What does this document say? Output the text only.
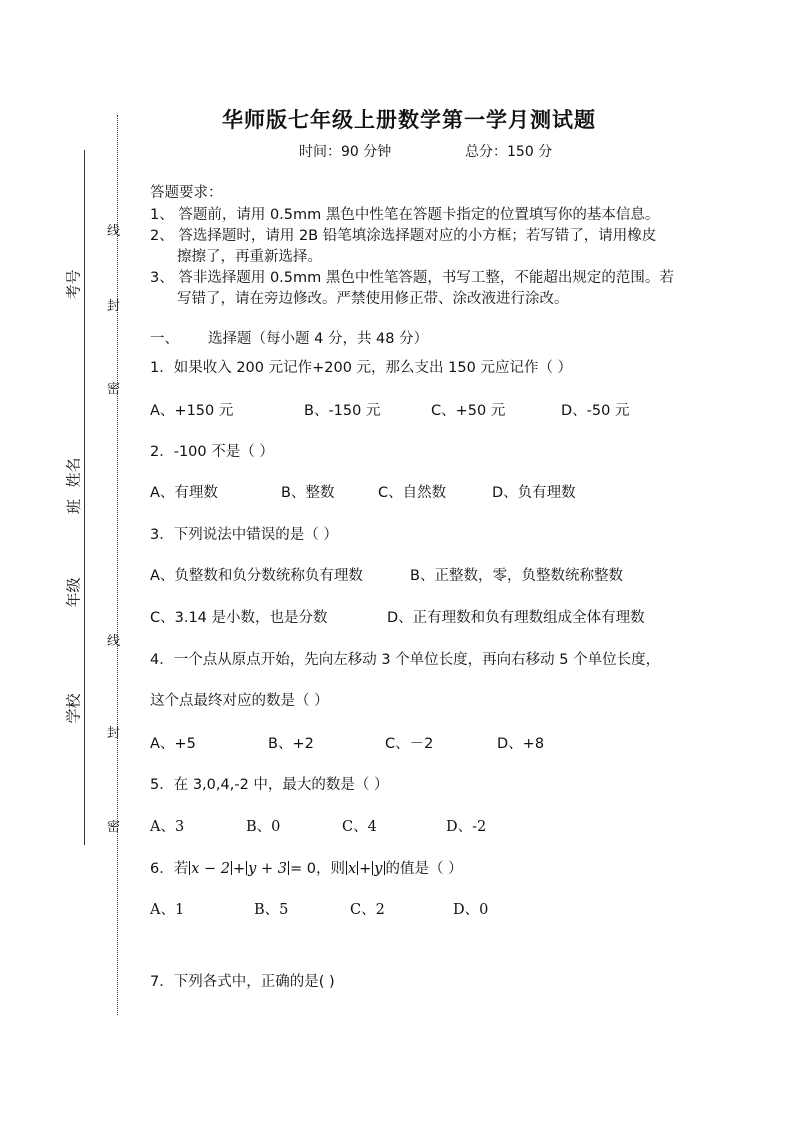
线
封
密
线
封
密
考号
姓名
班
年级
学校
华师版七年级上册数学第一学月测试题
时间：90 分钟	总分：150 分
答题要求：
1、 答题前，请用 0.5mm 黑色中性笔在答题卡指定的位置填写你的基本信息。
2、 答选择题时，请用 2B 铅笔填涂选择题对应的小方框；若写错了，请用橡皮
擦擦了，再重新选择。
3、 答非选择题用 0.5mm 黑色中性笔答题，书写工整，不能超出规定的范围。若
写错了，请在旁边修改。严禁使用修正带、涂改液进行涂改。
一、 选择题（每小题 4 分，共 48 分）
1．如果收入 200 元记作+200 元，那么支出 150 元应记作（ ）
A、+150 元	B、-150 元	C、+50 元	D、-50 元
2．-100 不是（ ）
A、有理数	B、整数	C、自然数	D、负有理数
3．下列说法中错误的是（ ）
A、负整数和负分数统称负有理数	B、正整数，零，负整数统称整数
C、3.14 是小数，也是分数	D、正有理数和负有理数组成全体有理数
4．一个点从原点开始，先向左移动 3 个单位长度，再向右移动 5 个单位长度，
这个点最终对应的数是（ ）
A、+5	B、+2	C、－2	D、+8
5．在 3,0,4,-2 中，最大的数是（ ）
A、3	B、0	C、4	D、-2
6．若 x − 2 + y + 3 = 0，则 x + y 的值是（ ）
A、1	B、5	C、2	D、0
7．下列各式中，正确的是( )
